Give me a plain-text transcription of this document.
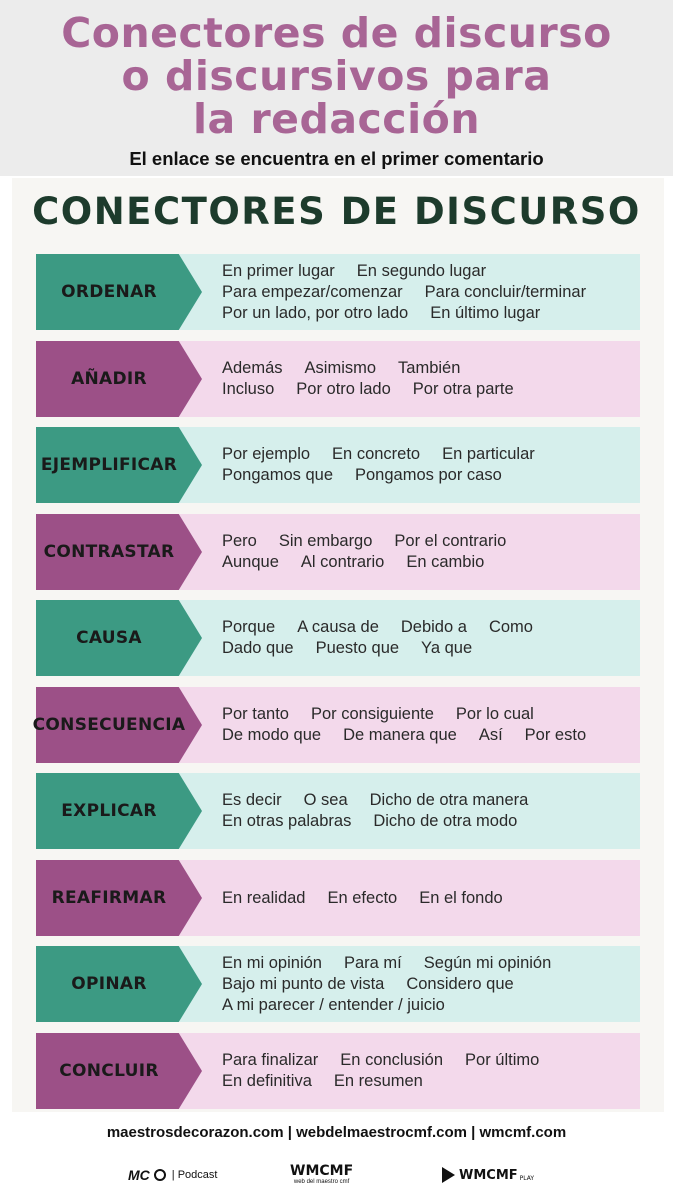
Conectores de discurso
o discursivos para
la redacción
El enlace se encuentra en el primer comentario
CONECTORES DE DISCURSO
ORDENAR
En primer lugar En segundo lugar
Para empezar/comenzar Para concluir/terminar
Por un lado, por otro lado En último lugar
AÑADIR
Además Asimismo También
Incluso Por otro lado Por otra parte
EJEMPLIFICAR
Por ejemplo En concreto En particular
Pongamos que Pongamos por caso
CONTRASTAR
Pero Sin embargo Por el contrario
Aunque Al contrario En cambio
CAUSA
Porque A causa de Debido a Como
Dado que Puesto que Ya que
CONSECUENCIA
Por tanto Por consiguiente Por lo cual
De modo que De manera que Así Por esto
EXPLICAR
Es decir O sea Dicho de otra manera
En otras palabras Dicho de otra modo
REAFIRMAR	En realidad En efecto En el fondo
OPINAR
En mi opinión Para mí Según mi opinión
Bajo mi punto de vista Considero que
A mi parecer / entender / juicio
CONCLUIR
Para finalizar En conclusión Por último
En definitiva En resumen
maestrosdecorazon.com | webdelmaestrocmf.com | wmcmf.com
MC | Podcast	WMCMF
web del maestro cmf	WMCMF PLAY
